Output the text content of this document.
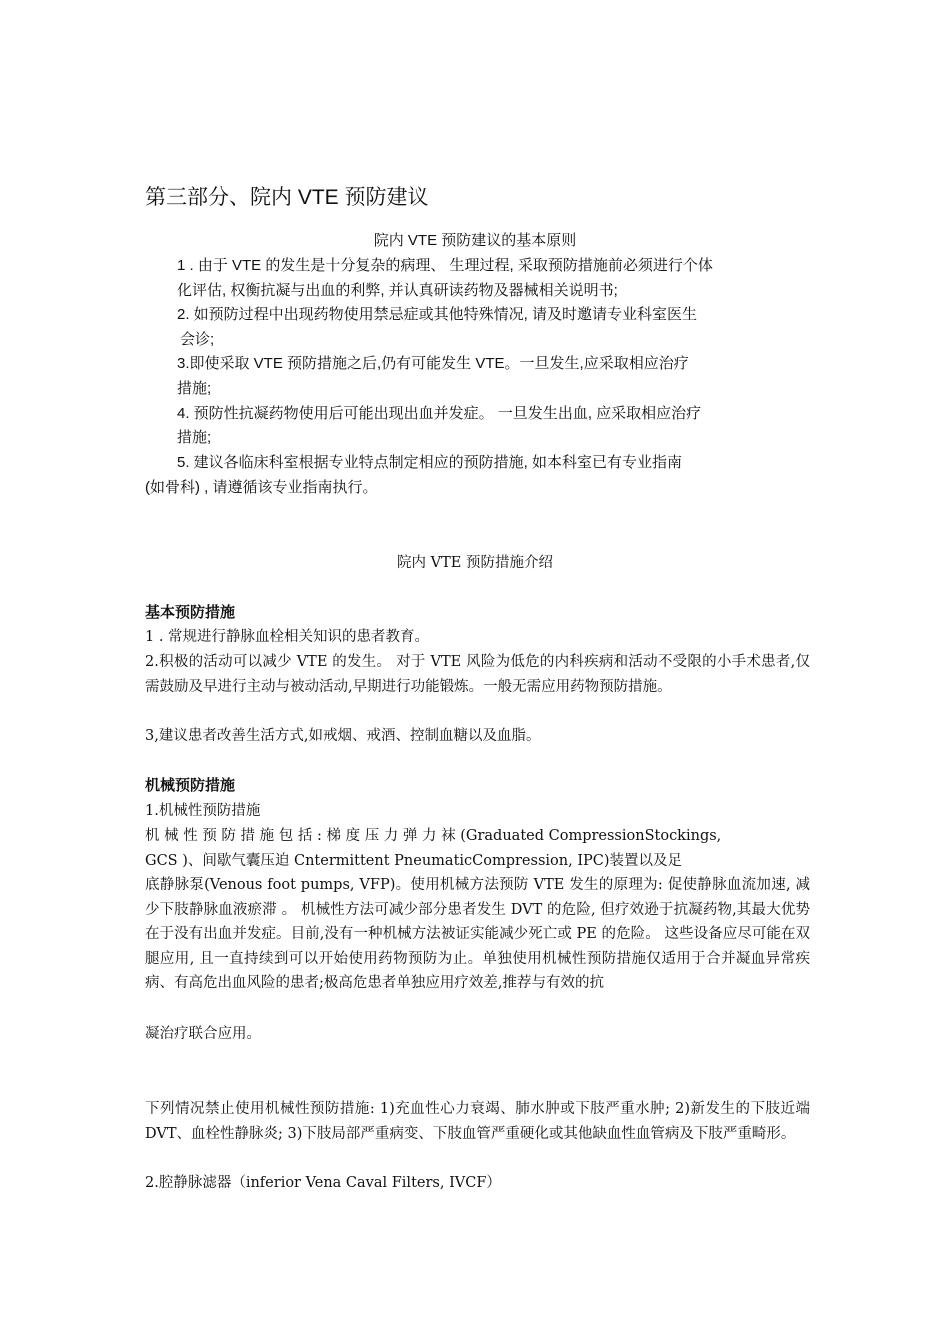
第三部分、院内 VTE 预防建议
院内 VTE 预防建议的基本原则
1 . 由于 VTE 的发生是十分复杂的病理、 生理过程, 采取预防措施前必须进行个体
化评估, 权衡抗凝与出血的利弊, 并认真研读药物及器械相关说明书;
2. 如预防过程中出现药物使用禁忌症或其他特殊情况, 请及时邀请专业科室医生
会诊;
3.即使采取 VTE 预防措施之后,仍有可能发生 VTE。一旦发生,应采取相应治疗
措施;
4. 预防性抗凝药物使用后可能出现出血并发症。 一旦发生出血, 应采取相应治疗
措施;
5. 建议各临床科室根据专业特点制定相应的预防措施, 如本科室已有专业指南
(如骨科) , 请遵循该专业指南执行。
院内 VTE 预防措施介绍
基本预防措施
1 . 常规进行静脉血栓相关知识的患者教育。
2.积极的活动可以减少 VTE 的发生。 对于 VTE 风险为低危的内科疾病和活动不受限的小手术患者,仅需鼓励及早进行主动与被动活动,早期进行功能锻炼。一般无需应用药物预防措施。
3,建议患者改善生活方式,如戒烟、戒酒、控制血糖以及血脂。
机械预防措施
1.机械性预防措施
机 械 性 预 防 措 施 包 括 : 梯 度 压 力 弹 力 袜 (Graduated CompressionStockings,
GCS )、间歇气囊压迫 Cntermittent PneumaticCompression, IPC)装置以及足
底静脉泵(Venous foot pumps, VFP)。使用机械方法预防 VTE 发生的原理为: 促使静脉血流加速, 减少下肢静脉血液瘀滞 。 机械性方法可减少部分患者发生 DVT 的危险, 但疗效逊于抗凝药物,其最大优势在于没有出血并发症。目前,没有一种机械方法被证实能减少死亡或 PE 的危险。 这些设备应尽可能在双腿应用, 且一直持续到可以开始使用药物预防为止。单独使用机械性预防措施仅适用于合并凝血异常疾病、有高危出血风险的患者;极高危患者单独应用疗效差,推荐与有效的抗
凝治疗联合应用。
下列情况禁止使用机械性预防措施: 1)充血性心力衰竭、肺水肿或下肢严重水肿; 2)新发生的下肢近端DVT、血栓性静脉炎; 3)下肢局部严重病变、下肢血管严重硬化或其他缺血性血管病及下肢严重畸形。
2.腔静脉滤器（inferior Vena Caval Filters, IVCF）
